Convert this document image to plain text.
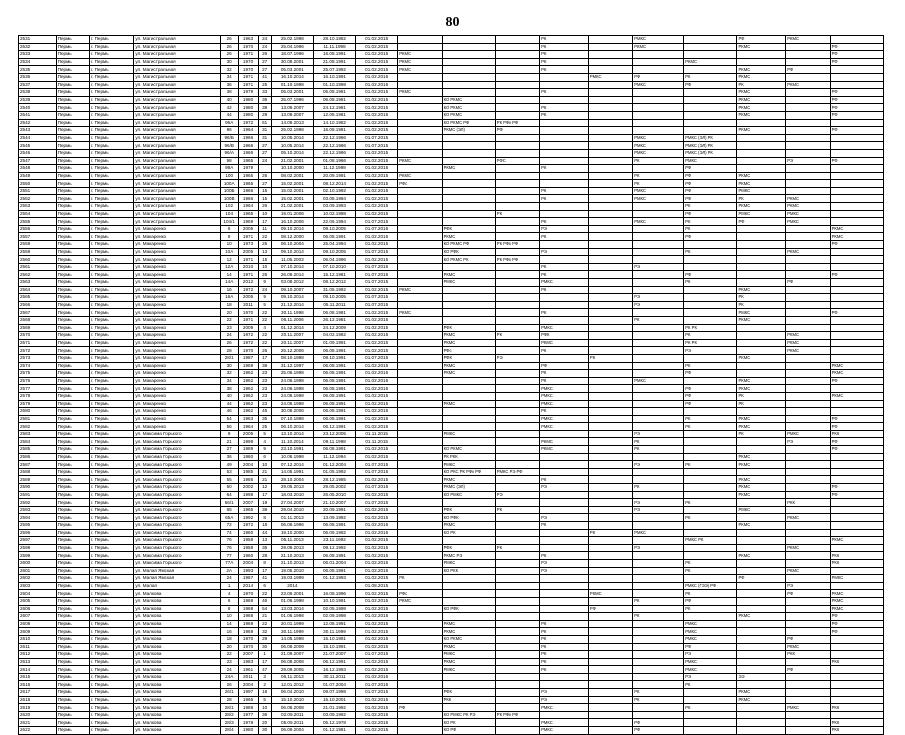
80
2531	Пермь	г. Пермь	ул. Магистральная	26	1963	24	25.02.1998	28.10.1982	01.02.2015				РК		РМКС		РФ	РКМС	
2532	Пермь	г. Пермь	ул. Магистральная	26	1970	24	25.04.1996	11.11.1998	01.02.2015				РК		РКМС		РКМС		РФ
2533	Пермь	г. Пермь	ул. Магистральная	26	1971	26	18.07.1996	16.08.1991	01.02.2015	РКМС			РК						РФ
2534	Пермь	г. Пермь	ул. Магистральная	30	1970	27	30.08.2001	21.08.1991	01.02.2015	РКМС			РК			РКМС			РФ
2535	Пермь	г. Пермь	ул. Магистральная	32	1970	27	05.03.2001	25.07.1992	01.02.2015	РКМС			РК				РКМС	РФ	
2536	Пермь	г. Пермь	ул. Магистральная	34	1971	41	16.10.2014	16.10.1991	01.02.2015					РМКС	РФ	РК	РКМС		
2537	Пермь	г. Пермь	ул. Магистральная	36	1971	25	01.10.1998	01.10.1998	01.02.2015						РМКС	РФ	РК	РКМС	
2538	Пермь	г. Пермь	ул. Магистральная	38	1979	33	05.03.2001	05.08.1981	01.02.2015	РКМС			РК				РКМС		РФ
2539	Пермь	г. Пермь	ул. Магистральная	40	1980	36	25.07.1996	06.08.1981	01.02.2015		КО РКМС						РКМС		РФ
2540	Пермь	г. Пермь	ул. Магистральная	42	1980	38	13.09.2007	24.12.1981	01.02.2015		КО РКМС		РК				РКМС		РФ
2541	Пермь	г. Пермь	ул. Магистральная	44	1980	29	13.09.2007	12.08.1981	01.02.2015		КО РКМС		РК				РКМС		РФ
2542	Пермь	г. Пермь	ул. Магистральная	96А	1972	51	14.09.2013	14.10.1982	01.02.2015		КО РКМС РФ	РК РФк РФ							
2543	Пермь	г. Пермь	ул. Магистральная	96	1964	31	25.02.1998	16.08.1981	01.02.2015		РКМС (ЭЛ)	РФ					РКМС		РФ
2544	Пермь	г. Пермь	ул. Магистральная	96/Б	1966	31	10.05.2014	22.12.1966	01.07.2015						РМКС	РМКС (ЭЛ) РК			
2545	Пермь	г. Пермь	ул. Магистральная	96/В	1966	27	10.05.2014	22.12.1966	01.07.2015						РМКС	РМКС (ЭЛ) РК			
2546	Пермь	г. Пермь	ул. Магистральная	96/А	1966	27	05.10.2014	22.12.1966	01.02.2015						РМКС	РМКС (ЭЛ) РК			
2547	Пермь	г. Пермь	ул. Магистральная	98	1965	24	21.02.2001	01.08.1966	01.02.2015	РКМС		РФС			РК	РМКС		РЭ	РФ
2548	Пермь	г. Пермь	ул. Магистральная	98А	1979		10.10.2000	11.12.1998	01.02.2015		РКМС		РК			РФ			
2549	Пермь	г. Пермь	ул. Магистральная	100	1965	26	08.02.2001	20.09.1991	01.02.2015	РКМС					РК	РФ	РКМС		
2550	Пермь	г. Пермь	ул. Магистральная	100А	1965	27	15.02.2001	08.12.2014	01.02.2015	РФс					РК	РФ	РКМС		
2551	Пермь	г. Пермь	ул. Магистральная	100Б	1966	15	15.02.2001	02.10.1992	01.02.2015				РК		РМКС	РФ	РМКС		
2552	Пермь	г. Пермь	ул. Магистральная	100В	1966	15	15.02.2001	03.08.1994	01.02.2015				РК		РМКС	РФ	РК	РКМС	
2553	Пермь	г. Пермь	ул. Магистральная	102	1964	26	21.02.2001	03.09.1993	01.02.2015							РК	РКМС	РКМС	
2554	Пермь	г. Пермь	ул. Магистральная	104	1965	10	19.01.2006	10.02.1998	01.02.2015			РК				РФ	РМКС	РМКС	
2555	Пермь	г. Пермь	ул. Магистральная	104/1	1969	17	16.10.2006	22.06.1994	01.07.2015				РК		РМКС	РК	РФ	РМКС	
2556	Пермь	г. Пермь	ул. Макаренко	6	2005	11	09.10.2014	09.10.2005	01.07.2015		РФК		РЭ			РК			РКМС
2557	Пермь	г. Пермь	ул. Макаренко	8	1971	22	08.12.2000	06.08.1991	01.02.2015		РКМС		РК			РФ			РКМС
2558	Пермь	г. Пермь	ул. Макаренко	10	1973	25	06.10.2004	25.04.1994	01.02.2015		КО РКМС РФ	РК РФк РФ							РФ
2559	Пермь	г. Пермь	ул. Макаренко	10А	2005	13	09.10.2014	09.10.2005	01.07.2015		КО РФК		РЭ			РК		РКМС	
2560	Пермь	г. Пермь	ул. Макаренко	12	1971	15	11.05.2003	06.04.1996	01.02.2015		КО РКМС РК	РК РФк РФ							
2561	Пермь	г. Пермь	ул. Макаренко	12А	2010	10	07.10.2014	07.10.2010	01.07.2015				РК		РЭ				
2562	Пермь	г. Пермь	ул. Макаренко	14	1971	26	26.09.2014	15.12.1981	01.07.2015		РКМС		РК			РФ			РФ
2563	Пермь	г. Пермь	ул. Макаренко	14А	2012	9	03.08.2012	08.12.2012	01.07.2015		РМКС		РМКС			РК		РФ	
2564	Пермь	г. Пермь	ул. Макаренко	16	1972	24	09.10.2007	31.05.1992	01.02.2015	РКМС			РК				РКМС		
2565	Пермь	г. Пермь	ул. Макаренко	16А	2005	9	09.10.2014	09.10.2005	01.07.2015						РЭ		РК		
2566	Пермь	г. Пермь	ул. Макаренко	18	2011	5	21.12.2014	05.11.2011	01.07.2015						РЭ		РК		
2567	Пермь	г. Пермь	ул. Макаренко	20	1970	22	30.11.1998	06.08.1981	01.02.2015	РКМС			РК				РМКС		РФ
2568	Пермь	г. Пермь	ул. Макаренко	22	1971	22	06.11.2006	26.12.1981	01.02.2015						РК		РКМС		
2569	Пермь	г. Пермь	ул. Макаренко	23	2009	4	01.12.2014	24.12.2009	01.02.2015		РФК		РМКС			РК РК			
2570	Пермь	г. Пермь	ул. Макаренко	24	1972	22	20.11.2007	04.02.1982	01.02.2015		РКМС	РК	РФК			РК		РКМС	
2571	Пермь	г. Пермь	ул. Макаренко	26	1972	22	20.11.2007	01.09.1991	01.02.2015		РКМС		РКМС			РК РК		РКМС	
2572	Пермь	г. Пермь	ул. Макаренко	28	1970	26	25.12.2006	06.08.1991	01.02.2015		РФс		РК			РЭ		РКМС	
2573	Пермь	г. Пермь	ул. Макаренко	28/1	1987	17	08.10.1998	08.10.1991	01.07.2015		РФК	РЭ		РК			РКМС		
2574	Пермь	г. Пермь	ул. Макаренко	30	1969	38	31.12.1997	06.08.1991	01.02.2015		РКМС		РФ			РК			РКМС
2575	Пермь	г. Пермь	ул. Макаренко	32	1962	23	25.06.1998	06.08.1991	01.02.2015		РКМС		РК			РФ			РКМС
2576	Пермь	г. Пермь	ул. Макаренко	34	1962	23	24.06.1998	06.08.1991	01.02.2015				РК		РМКС		РКМС		РФ
2577	Пермь	г. Пермь	ул. Макаренко	38	1962	23	24.06.1998	06.08.1991	01.02.2015				РМКС			РФ	РКМС		
2578	Пермь	г. Пермь	ул. Макаренко	40	1962	23	24.06.1998	06.08.1991	01.02.2015				РМКС			РФ	РК		РКМС
2579	Пермь	г. Пермь	ул. Макаренко	44	1962	23	24.06.1998	06.08.1991	01.02.2015		РКМС		РМКС			РФ	РК		
2580	Пермь	г. Пермь	ул. Макаренко	46	1962	45	30.08.2006	06.08.1991	01.02.2015				РК						
2581	Пермь	г. Пермь	ул. Макаренко	54	1963	35	07.10.1998	06.08.1991	01.02.2015				РМКС			РК	РКМС		РФ
2582	Пермь	г. Пермь	ул. Макаренко	56	1964	25	06.10.2014	06.12.1991	01.02.2015				РМКС			РК	РКМС		РФ
2583	Пермь	г. Пермь	ул. Максима Горького	9	2005	5	13.10.2014	23.12.2005	01.11.2015		РМКС				РЭ		РК	РМКС	РКК
2584	Пермь	г. Пермь	ул. Максима Горького	21	1998	4	11.10.2014	09.11.1998	01.11.2015				РКМС		РК			РЭ	РФ
2585	Пермь	г. Пермь	ул. Максима Горького	27	1989	9	23.10.1991	06.08.1991	01.02.2015		КО РКМС		РКМС		РК				РФ
2586	Пермь	г. Пермь	ул. Максима Горького	36	1960	6	10.06.1998	11.12.1994	01.02.2015		РК РКК						РКМС		
2587	Пермь	г. Пермь	ул. Максима Горького	49	2004	10	07.12.2014	01.12.2004	01.07.2015		РМКС				РЭ	РК	РКМС		
2588	Пермь	г. Пермь	ул. Максима Горького	53	1985	21	14.05.1991	01.05.1992	01.07.2015		КО РКС РК РФк РФ	РМКС РЭ РФ							
2589	Пермь	г. Пермь	ул. Максима Горького	55	1985	21	28.10.2004	28.12.1985	01.02.2015		РКМС		РК				РКМС		
2590	Пермь	г. Пермь	ул. Максима Горького	60	2002	12	29.05.2013	29.05.2002	01.07.2015		РКМС (ЭЛ)		РЭ		РК		РКМС		РФ
2591	Пермь	г. Пермь	ул. Максима Горького	64	1998	17	18.03.2010	26.05.2010	01.02.2015		КО РМКС	РЭ					РКМС		РФ
2592	Пермь	г. Пермь	ул. Максима Горького	66/1	2007	19	27.04.2007	21.10.2007	01.07.2015						РЭ	РК		РКК	
2593	Пермь	г. Пермь	ул. Максима Горького	65	1965	38	29.04.2010	20.09.1991	01.02.2015		РФК	РК			РЭ		РМКС		
2594	Пермь	г. Пермь	ул. Максима Горького	65А	1992	8	01.11.2013	13.09.1992	01.02.2015		КО РФК		РЭ			РК		РКМС	
2595	Пермь	г. Пермь	ул. Максима Горького	72	1972	18	06.08.1996	06.08.1991	01.02.2015		РКМС		РК				РКМС		
2596	Пермь	г. Пермь	ул. Максима Горького	74	1960	44	19.10.2000	06.09.1992	01.02.2015		КО РК			РК	РМКС				
2597	Пермь	г. Пермь	ул. Максима Горького	76	1958	13	05.11.2013	23.11.1992	01.02.2015							РМКС РК			РКМС
2598	Пермь	г. Пермь	ул. Максима Горького	76	1958	35	29.09.2013	09.12.1992	01.02.2015		РФК	РК			РЭ			РКМС	
2599	Пермь	г. Пермь	ул. Максима Горького	77	1960	28	21.10.2013	06.08.1991	01.02.2015		РКМС РЭ		РК				РКМС		РКК
2600	Пермь	г. Пермь	ул. Максима Горького	77А	2004	8	21.10.2013	06.01.2004	01.02.2015		РМКС		РЭ			РК			РКК
2601	Пермь	г. Пермь	ул. Малая Ямская	2А	1993	17	19.05.2010	06.08.1991	01.02.2015		КО РКК		РЭ			РК		РКМС	
2602	Пермь	г. Пермь	ул. Малая Ямская	24	1967	41	19.03.1999	01.12.1993	01.02.2015	РК							РФ		РМКС
2603	Пермь	г. Пермь	ул. Малая	1	2014	6	2014		01.08.2015							РМКС (ГЭЭ) РФ		РЭ	
2604	Пермь	г. Пермь	ул. Малкова	4	1970	22	23.09.2001	16.08.1996	01.02.2015	РФс				РКМС		РК		РФ	РКМС
2605	Пермь	г. Пермь	ул. Малкова	6	1968	46	01.06.1998	10.10.1991	01.02.2015	РКМС					РК	РФ			РКМС
2606	Пермь	г. Пермь	ул. Малкова	8	1968	54	13.03.2014	02.05.1998	01.02.2015		КО РФК			РФ		РК			РКМС
2607	Пермь	г. Пермь	ул. Малкова	10	1968	21	01.06.1998	02.09.1998	01.02.2015						РК		РКМС		РФ
2608	Пермь	г. Пермь	ул. Малкова	14	1969	22	20.01.1999	12.08.1991	01.02.2015		РКМС		РК			РМКС			РФ
2609	Пермь	г. Пермь	ул. Малкова	16	1969	32	30.11.1999	30.11.1999	01.02.2015		РКМС		РК			РМКС			РФ
2610	Пермь	г. Пермь	ул. Малкова	18	1970	29	14.05.1998	15.10.1991	01.02.2015		КО РКМС		РК			РМКС		РФ	
2611	Пермь	г. Пермь	ул. Малкова	20	1970	30	06.08.2009	15.10.1991	01.02.2015		РКМС		РК			РФ		РКМС	
2612	Пермь	г. Пермь	ул. Малкова	22	2007	1	21.09.2007	21.07.2007	01.07.2015		РМКС		РК			РЭ		РКК	
2613	Пермь	г. Пермь	ул. Малкова	23	1983	17	06.08.2008	06.12.1991	01.02.2015		РКМС		РК			РМКС			РКК
2614	Пермь	г. Пермь	ул. Малкова	24	1961	47	29.09.2005	16.12.1993	01.02.2015		РМКС		РК			РМКС		РФ	
2615	Пермь	г. Пермь	ул. Малкова	24А	2011	3	06.11.2013	30.11.2011	01.02.2015							РЭ	ЭЭ		
2616	Пермь	г. Пермь	ул. Малкова	26	2004	2	12.01.2012	01.07.2004	01.07.2015							РК			
2617	Пермь	г. Пермь	ул. Малкова	26/1	1997	18	06.04.2010	09.07.1998	01.07.2015		РФК		РЭ		РК		РКМС		
2618	Пермь	г. Пермь	ул. Малкова	28	1965	5	15.10.2010	15.10.2001	01.02.2015		РКК		РЭ		РК		РКМС		
2619	Пермь	г. Пермь	ул. Малкова	28/1	1989	10	06.08.2008	21.01.1992	01.02.2015	РФ			РМКС			РК		РМКС	РКК
2620	Пермь	г. Пермь	ул. Малкова	28/2	1977	36	02.09.2011	03.09.1992	01.02.2015		КО РМКС РК РЭ	РК РФк РФ							
2621	Пермь	г. Пермь	ул. Малкова	28/3	1978	20	05.09.2011	05.12.1978	01.02.2015		КО РК		РМКС		РФ				РКК
2622	Пермь	г. Пермь	ул. Малкова	28/4	1980	30	06.09.2004	01.12.1981	01.02.2015		КО РФ		РМКС		РФ				РКК
